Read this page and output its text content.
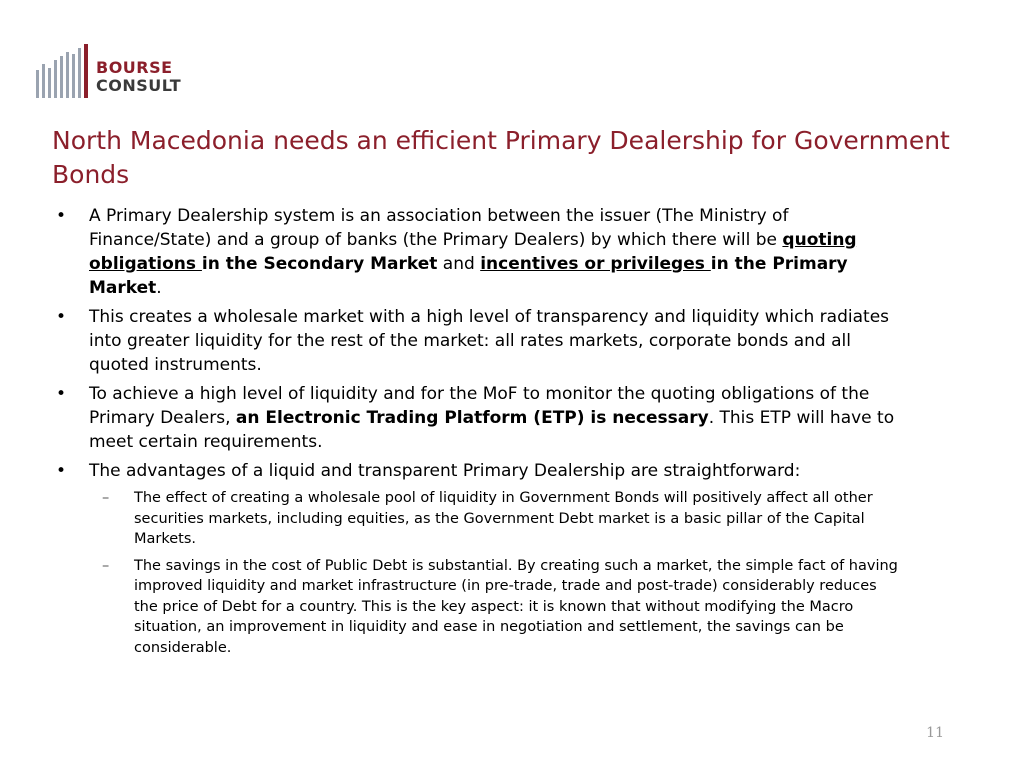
BOURSE
CONSULT
North Macedonia needs an efficient Primary Dealership for Government Bonds
• A Primary Dealership system is an association between the issuer (The Ministry of Finance/State) and a group of banks (the Primary Dealers) by which there will be quoting obligations in the Secondary Market and incentives or privileges in the Primary Market.
• This creates a wholesale market with a high level of transparency and liquidity which radiates into greater liquidity for the rest of the market: all rates markets, corporate bonds and all quoted instruments.
• To achieve a high level of liquidity and for the MoF to monitor the quoting obligations of the Primary Dealers, an Electronic Trading Platform (ETP) is necessary. This ETP will have to meet certain requirements.
• The advantages of a liquid and transparent Primary Dealership are straightforward:
– The effect of creating a wholesale pool of liquidity in Government Bonds will positively affect all other securities markets, including equities, as the Government Debt market is a basic pillar of the Capital Markets.
– The savings in the cost of Public Debt is substantial. By creating such a market, the simple fact of having improved liquidity and market infrastructure (in pre-trade, trade and post-trade) considerably reduces the price of Debt for a country. This is the key aspect: it is known that without modifying the Macro situation, an improvement in liquidity and ease in negotiation and settlement, the savings can be considerable.
11
